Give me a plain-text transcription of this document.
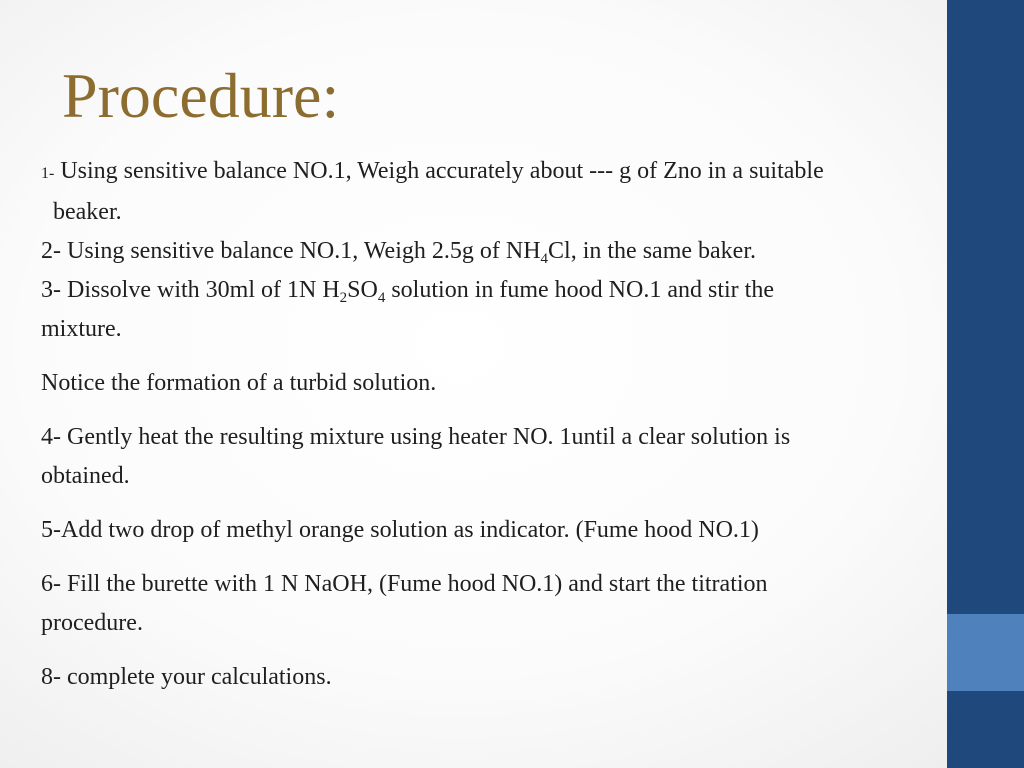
Procedure:

1- Using sensitive balance NO.1, Weigh accurately about --- g of Zno in a suitable

beaker.

2- Using sensitive balance NO.1, Weigh 2.5g of $NH_4Cl$, in the same baker.

3- Dissolve with 30ml of 1N $H_2SO_4$ solution in fume hood NO.1 and stir the

mixture.

Notice the formation of a turbid solution.

4- Gently heat the resulting mixture using heater NO. 1until a clear solution is

obtained.

5-Add two drop of methyl orange solution as indicator. (Fume hood NO.1)

6- Fill the burette with 1 N NaOH, (Fume hood NO.1) and start the titration

procedure.

8- complete your calculations.
